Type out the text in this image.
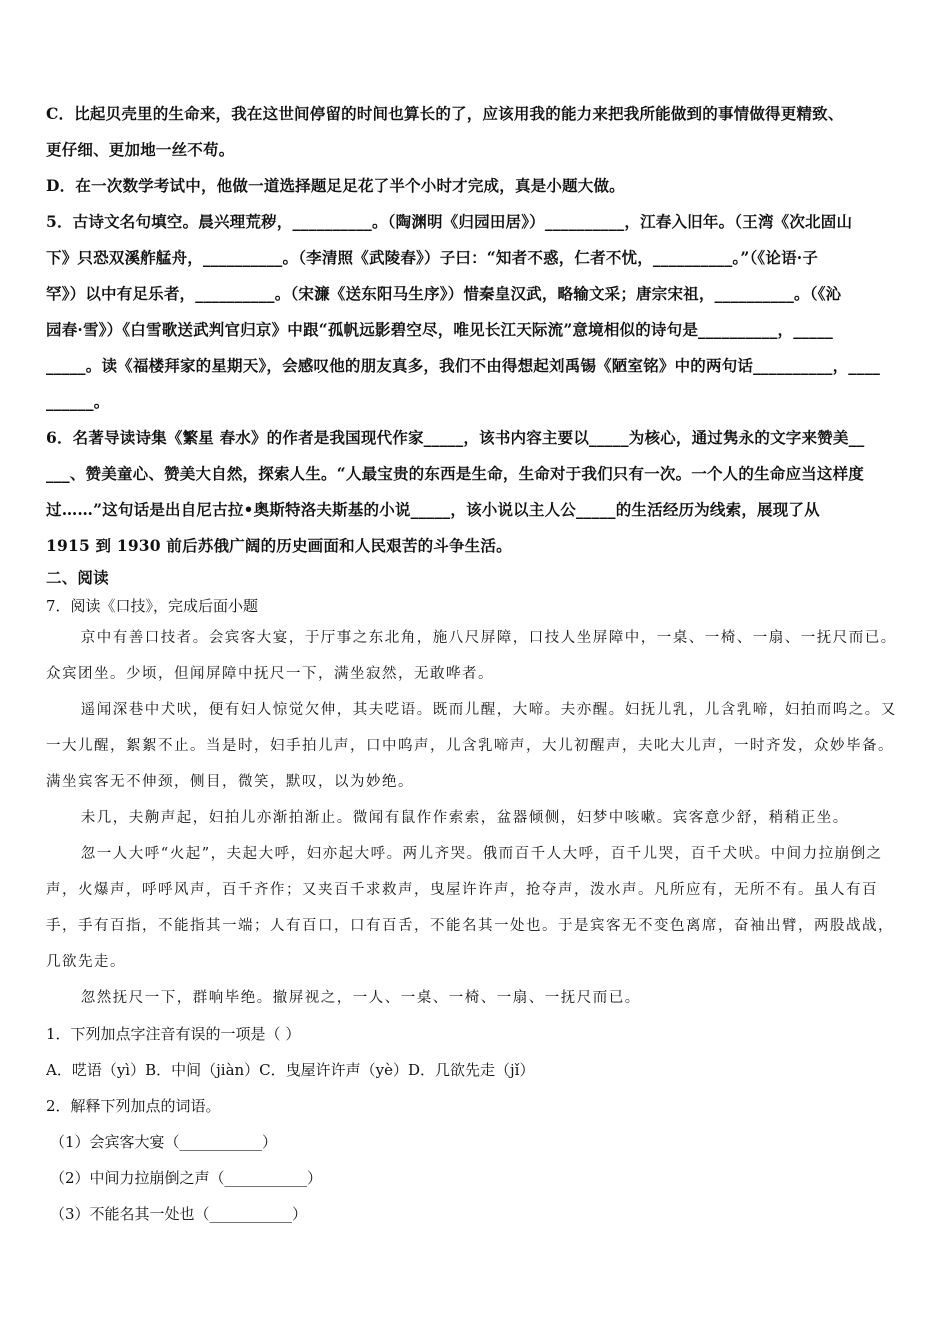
C．比起贝壳里的生命来，我在这世间停留的时间也算长的了，应该用我的能力来把我所能做到的事情做得更精致、

更仔细、更加地一丝不苟。

D．在一次数学考试中，他做一道选择题足足花了半个小时才完成，真是小题大做。

5．古诗文名句填空。晨兴理荒秽，__________。（陶渊明《归园田居》）__________，江春入旧年。（王湾《次北固山

下》只恐双溪舴艋舟，__________。（李清照《武陵春》）子曰：“知者不惑，仁者不忧，__________。”（《论语·子

罕》）以中有足乐者，__________。（宋濂《送东阳马生序》）惜秦皇汉武，略输文采；唐宗宋祖，__________。（《沁

园春·雪》）《白雪歌送武判官归京》中跟“孤帆远影碧空尽，唯见长江天际流”意境相似的诗句是__________，_____

_____。读《福楼拜家的星期天》，会感叹他的朋友真多，我们不由得想起刘禹锡《陋室铭》中的两句话__________，____

______。

6．名著导读诗集《繁星 春水》的作者是我国现代作家_____，该书内容主要以_____为核心，通过隽永的文字来赞美__

___、赞美童心、赞美大自然，探索人生。“人最宝贵的东西是生命，生命对于我们只有一次。一个人的生命应当这样度

过……”这句话是出自尼古拉•奥斯特洛夫斯基的小说_____，该小说以主人公_____的生活经历为线索，展现了从

1915 到 1930 前后苏俄广阔的历史画面和人民艰苦的斗争生活。

二、阅读
7．阅读《口技》，完成后面小题

京中有善口技者。会宾客大宴，于厅事之东北角，施八尺屏障，口技人坐屏障中，一桌、一椅、一扇、一抚尺而已。众宾团坐。少顷，但闻屏障中抚尺一下，满坐寂然，无敢哗者。

遥闻深巷中犬吠，便有妇人惊觉欠伸，其夫呓语。既而儿醒，大啼。夫亦醒。妇抚儿乳，儿含乳啼，妇拍而呜之。又一大儿醒，絮絮不止。当是时，妇手拍儿声，口中呜声，儿含乳啼声，大儿初醒声，夫叱大儿声，一时齐发，众妙毕备。满坐宾客无不伸颈，侧目，微笑，默叹，以为妙绝。

未几，夫齁声起，妇拍儿亦渐拍渐止。微闻有鼠作作索索，盆器倾侧，妇梦中咳嗽。宾客意少舒，稍稍正坐。

忽一人大呼“火起”，夫起大呼，妇亦起大呼。两儿齐哭。俄而百千人大呼，百千儿哭，百千犬吠。中间力拉崩倒之声，火爆声，呼呼风声，百千齐作；又夹百千求救声，曳屋许许声，抢夺声，泼水声。凡所应有，无所不有。虽人有百手，手有百指，不能指其一端；人有百口，口有百舌，不能名其一处也。于是宾客无不变色离席，奋袖出臂，两股战战，几欲先走。

忽然抚尺一下，群响毕绝。撤屏视之，一人、一桌、一椅、一扇、一抚尺而已。

1．下列加点字注音有误的一项是（ ）

A．呓语（yì）B．中间（jiàn）C．曳屋许许声（yè）D．几欲先走（jǐ）

2．解释下列加点的词语。

（1）会宾客大宴（___________）

（2）中间力拉崩倒之声（___________）

（3）不能名其一处也（___________）
